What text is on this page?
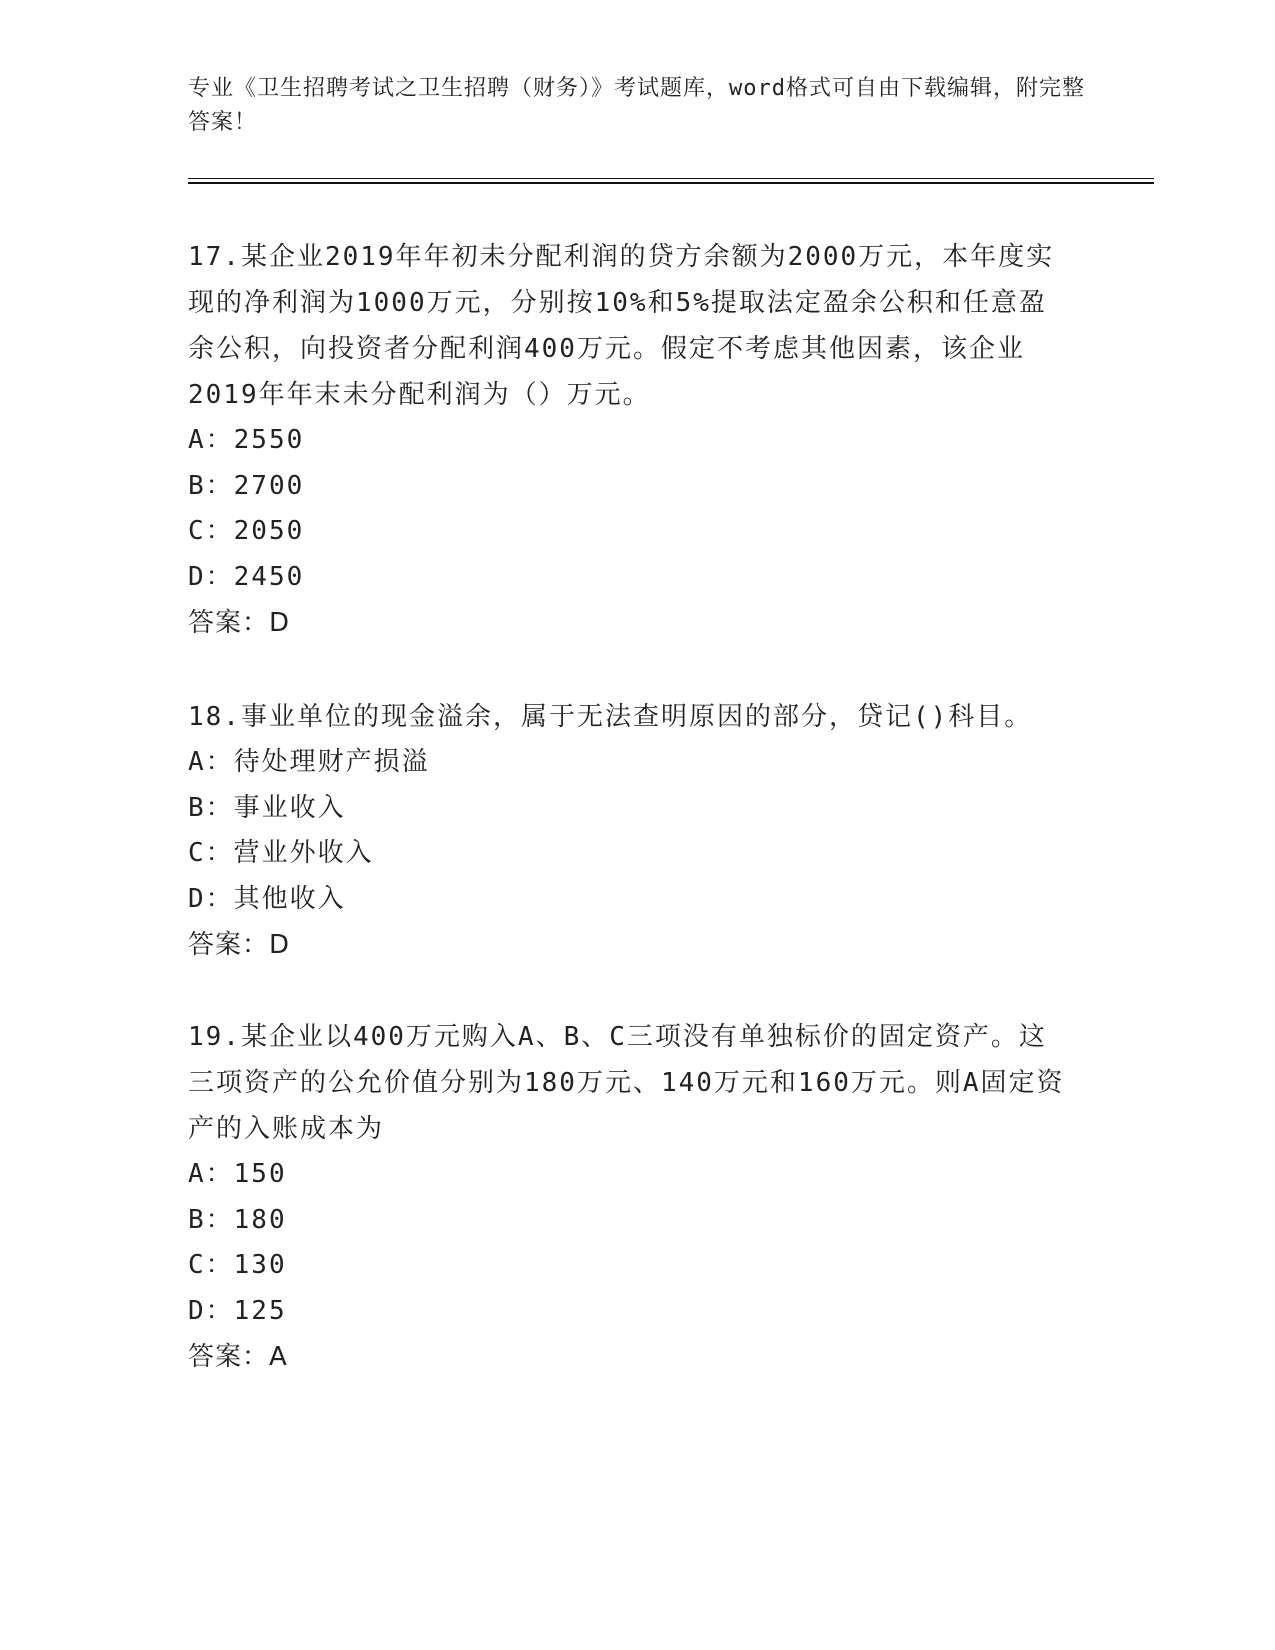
专业《卫生招聘考试之卫生招聘（财务）》考试题库，word格式可自由下载编辑，附完整答案！

17.某企业2019年年初未分配利润的贷方余额为2000万元，本年度实现的净利润为1000万元，分别按10%和5%提取法定盈余公积和任意盈余公积，向投资者分配利润400万元。假定不考虑其他因素，该企业2019年年末未分配利润为（）万元。

A：2550

B：2700

C：2050

D：2450

答案：D

18.事业单位的现金溢余，属于无法查明原因的部分，贷记()科目。

A：待处理财产损溢

B：事业收入

C：营业外收入

D：其他收入

答案：D

19.某企业以400万元购入A、B、C三项没有单独标价的固定资产。这三项资产的公允价值分别为180万元、140万元和160万元。则A固定资产的入账成本为

A：150

B：180

C：130

D：125

答案：A
